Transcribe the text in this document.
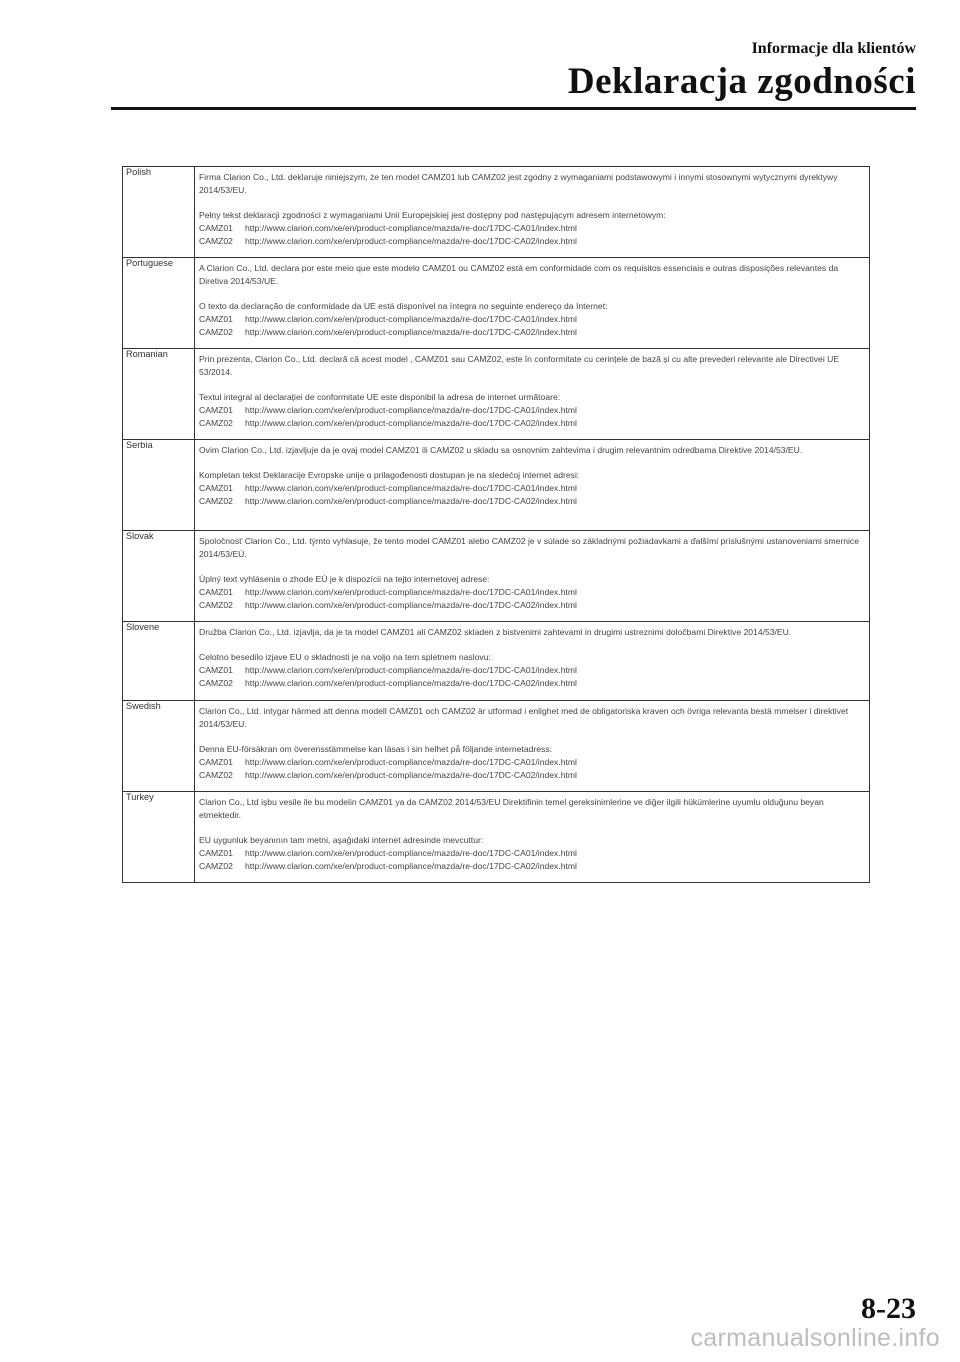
Informacje dla klientów
Deklaracja zgodności
Polish	Firma Clarion Co., Ltd. deklaruje niniejszym, że ten model CAMZ01 lub CAMZ02 jest zgodny z wymaganiami podstawowymi i innymi stosownymi wytycznymi dyrektywy 2014/53/EU.

Pełny tekst deklaracji zgodności z wymaganiami Unii Europejskiej jest dostępny pod następującym adresem internetowym:

CAMZ01 http://www.clarion.com/xe/en/product-compliance/mazda/re-doc/17DC-CA01/index.html

CAMZ02 http://www.clarion.com/xe/en/product-compliance/mazda/re-doc/17DC-CA02/index.html

Portuguese	A Clarion Co., Ltd. declara por este meio que este modelo CAMZ01 ou CAMZ02 está em conformidade com os requisitos essenciais e outras disposições relevantes da Diretiva 2014/53/UE.

O texto da declaração de conformidade da UE está disponível na íntegra no seguinte endereço da Internet:

CAMZ01 http://www.clarion.com/xe/en/product-compliance/mazda/re-doc/17DC-CA01/index.html

CAMZ02 http://www.clarion.com/xe/en/product-compliance/mazda/re-doc/17DC-CA02/index.html

Romanian	Prin prezenta, Clarion Co., Ltd. declară că acest model , CAMZ01 sau CAMZ02, este în conformitate cu cerințele de bază și cu alte prevederi relevante ale Directivei UE 53/2014.

Textul integral al declarației de conformitate UE este disponibil la adresa de internet următoare:

CAMZ01 http://www.clarion.com/xe/en/product-compliance/mazda/re-doc/17DC-CA01/index.html

CAMZ02 http://www.clarion.com/xe/en/product-compliance/mazda/re-doc/17DC-CA02/index.html

Serbia	Ovim Clarion Co., Ltd. izjavljuje da je ovaj model CAMZ01 ili CAMZ02 u skladu sa osnovnim zahtevima i drugim relevantnim odredbama Direktive 2014/53/EU.

Kompletan tekst Deklaracije Evropske unije o prilagođenosti dostupan je na sledećoj internet adresi:

CAMZ01 http://www.clarion.com/xe/en/product-compliance/mazda/re-doc/17DC-CA01/index.html

CAMZ02 http://www.clarion.com/xe/en/product-compliance/mazda/re-doc/17DC-CA02/index.html

Slovak	Spoločnosť Clarion Co., Ltd. týmto vyhlasuje, že tento model CAMZ01 alebo CAMZ02 je v súlade so základnými požiadavkami a ďalšími príslušnými ustanoveniami smernice 2014/53/EÚ.

Úplný text vyhlásenia o zhode EÚ je k dispozícii na tejto internetovej adrese:

CAMZ01 http://www.clarion.com/xe/en/product-compliance/mazda/re-doc/17DC-CA01/index.html

CAMZ02 http://www.clarion.com/xe/en/product-compliance/mazda/re-doc/17DC-CA02/index.html

Slovene	Družba Clarion Co., Ltd. izjavlja, da je ta model CAMZ01 ali CAMZ02 skladen z bistvenimi zahtevami in drugimi ustreznimi določbami Direktive 2014/53/EU.

Celotno besedilo izjave EU o skladnosti je na voljo na tem spletnem naslovu:

CAMZ01 http://www.clarion.com/xe/en/product-compliance/mazda/re-doc/17DC-CA01/index.html

CAMZ02 http://www.clarion.com/xe/en/product-compliance/mazda/re-doc/17DC-CA02/index.html

Swedish	Clarion Co., Ltd. intygar härmed att denna modell CAMZ01 och CAMZ02 är utformad i enlighet med de obligatoriska kraven och övriga relevanta bestä mmelser i direktivet 2014/53/EU.

Denna EU-försäkran om överensstämmelse kan läsas i sin helhet på följande internetadress:

CAMZ01 http://www.clarion.com/xe/en/product-compliance/mazda/re-doc/17DC-CA01/index.html

CAMZ02 http://www.clarion.com/xe/en/product-compliance/mazda/re-doc/17DC-CA02/index.html

Turkey	Clarion Co., Ltd işbu vesile ile bu modelin CAMZ01 ya da CAMZ02 2014/53/EU Direktifinin temel gereksinimlerine ve diğer ilgili hükümlerine uyumlu olduğunu beyan etmektedir.

EU uygunluk beyanının tam metni, aşağıdaki internet adresinde mevcuttur:

CAMZ01 http://www.clarion.com/xe/en/product-compliance/mazda/re-doc/17DC-CA01/index.html

CAMZ02 http://www.clarion.com/xe/en/product-compliance/mazda/re-doc/17DC-CA02/index.html

8-23
carmanualsonline.info
